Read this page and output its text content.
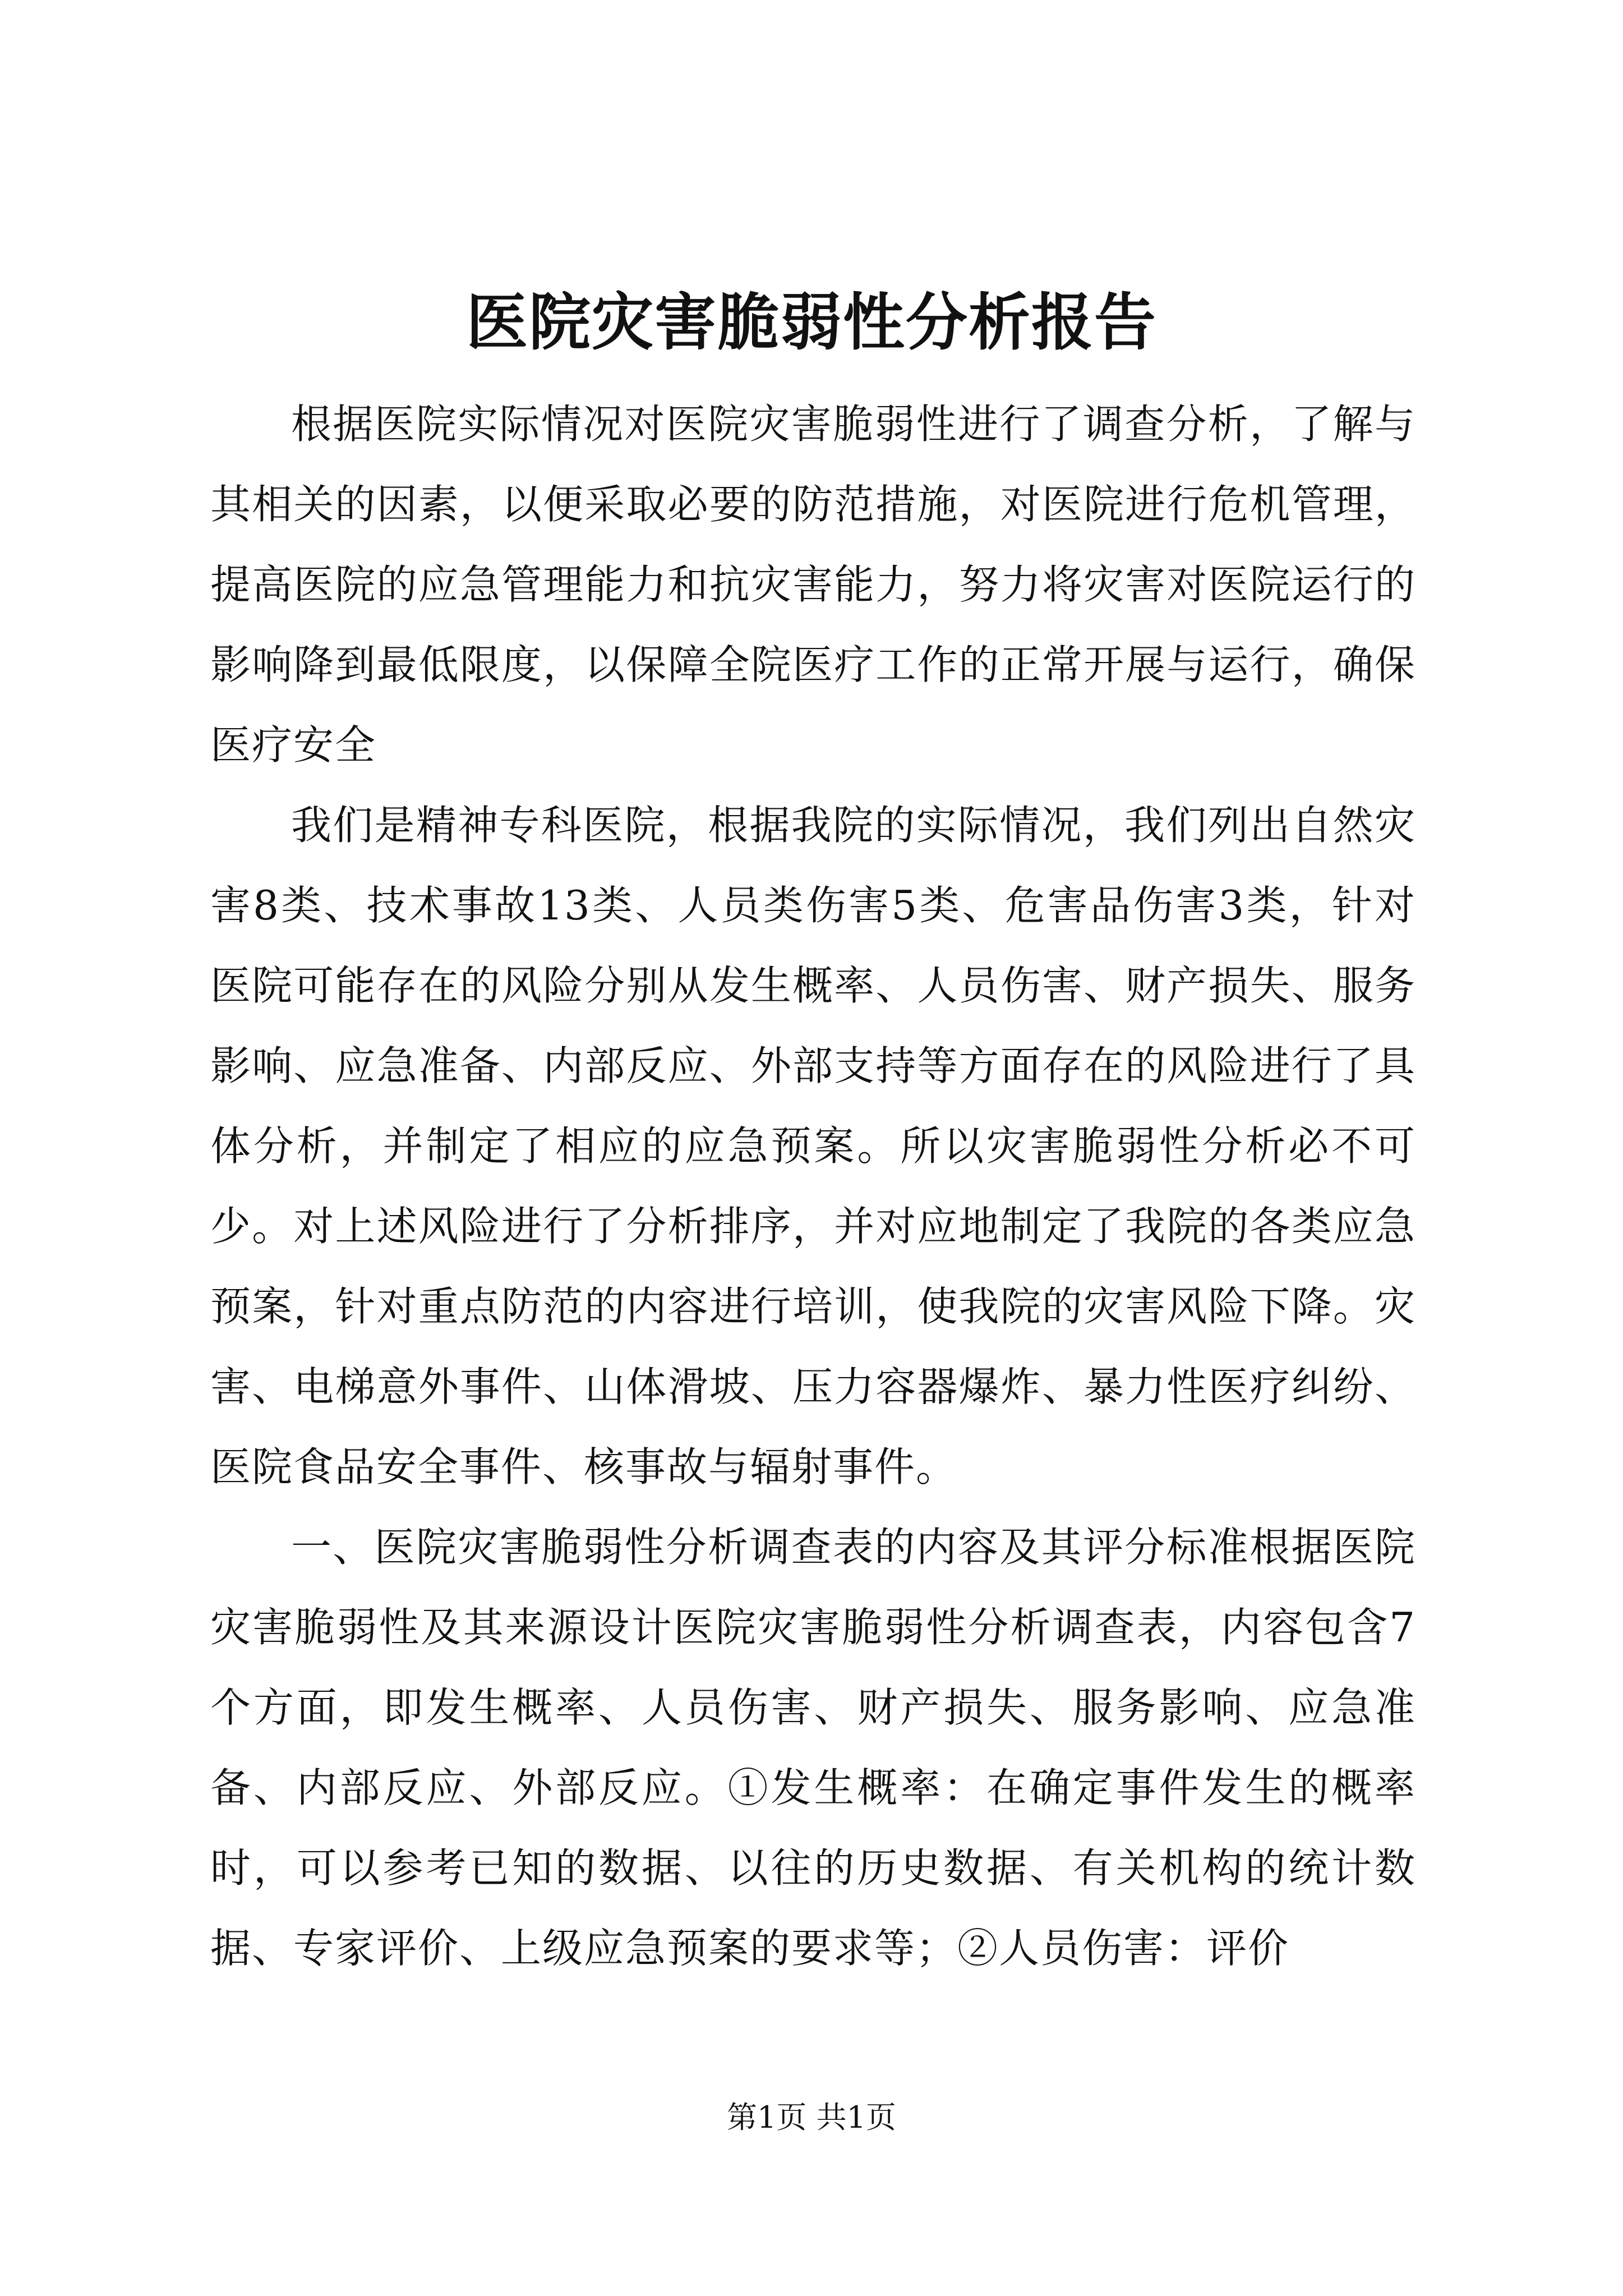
医院灾害脆弱性分析报告

根据医院实际情况对医院灾害脆弱性进行了调查分析，了解与其相关的因素，以便采取必要的防范措施，对医院进行危机管理，提高医院的应急管理能力和抗灾害能力，努力将灾害对医院运行的影响降到最低限度，以保障全院医疗工作的正常开展与运行，确保医疗安全

我们是精神专科医院，根据我院的实际情况，我们列出自然灾害8类、技术事故13类、人员类伤害5类、危害品伤害3类，针对医院可能存在的风险分别从发生概率、人员伤害、财产损失、服务影响、应急准备、内部反应、外部支持等方面存在的风险进行了具体分析，并制定了相应的应急预案。所以灾害脆弱性分析必不可少。对上述风险进行了分析排序，并对应地制定了我院的各类应急预案，针对重点防范的内容进行培训，使我院的灾害风险下降。灾害、电梯意外事件、山体滑坡、压力容器爆炸、暴力性医疗纠纷、医院食品安全事件、核事故与辐射事件。

一、医院灾害脆弱性分析调查表的内容及其评分标准根据医院灾害脆弱性及其来源设计医院灾害脆弱性分析调查表，内容包含7个方面，即发生概率、人员伤害、财产损失、服务影响、应急准备、内部反应、外部反应。①发生概率：在确定事件发生的概率时，可以参考已知的数据、以往的历史数据、有关机构的统计数据、专家评价、上级应急预案的要求等；②人员伤害：评价

第1页 共1页
